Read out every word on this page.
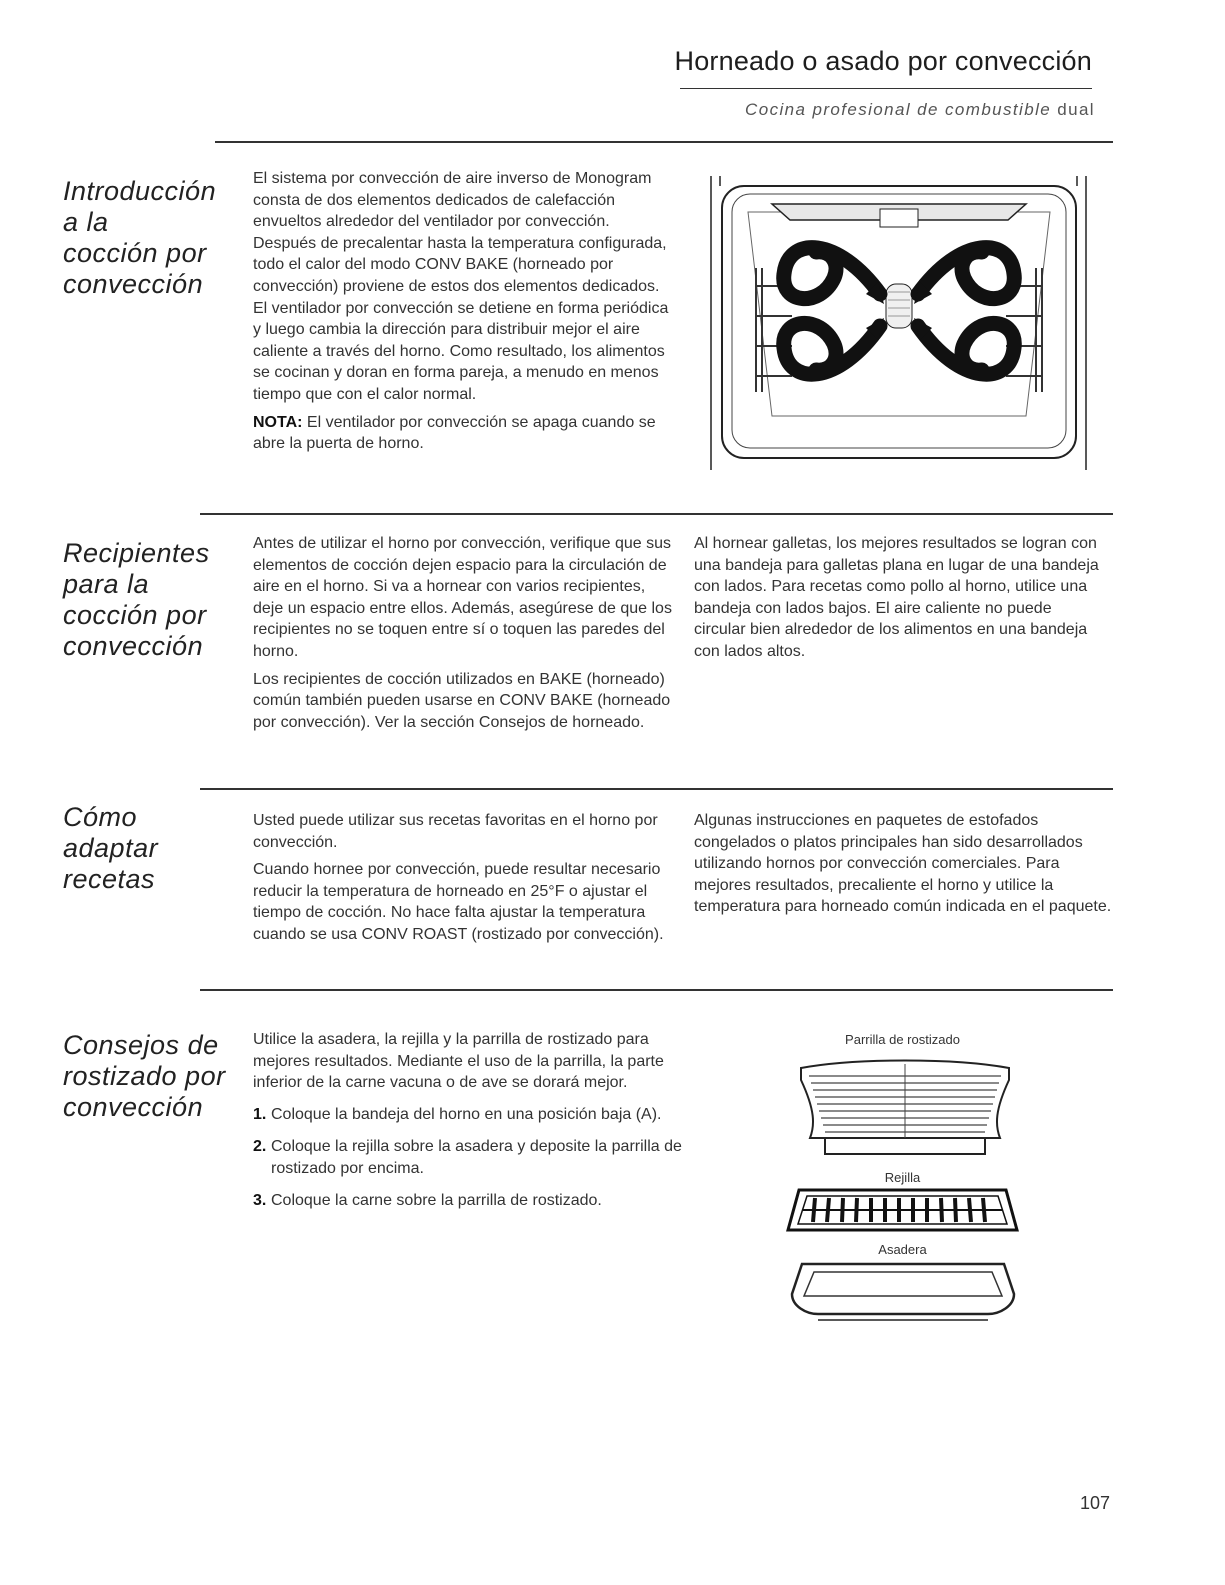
Horneado o asado por convección
Cocina profesional de combustible dual
Introducción
a la
cocción por
convección

El sistema por convección de aire inverso de Monogram consta de dos elementos dedicados de calefacción envueltos alrededor del ventilador por convección. Después de precalentar hasta la temperatura configurada, todo el calor del modo CONV BAKE (horneado por convección) proviene de estos dos elementos dedicados. El ventilador por convección se detiene en forma periódica y luego cambia la dirección para distribuir mejor el aire caliente a través del horno. Como resultado, los alimentos se cocinan y doran en forma pareja, a menudo en menos tiempo que con el calor normal.

NOTA: El ventilador por convección se apaga cuando se abre la puerta de horno.

Recipientes
para la
cocción por
convección

Antes de utilizar el horno por convección, verifique que sus elementos de cocción dejen espacio para la circulación de aire en el horno. Si va a hornear con varios recipientes, deje un espacio entre ellos. Además, asegúrese de que los recipientes no se toquen entre sí o toquen las paredes del horno.

Los recipientes de cocción utilizados en BAKE (horneado) común también pueden usarse en CONV BAKE (horneado por convección). Ver la sección Consejos de horneado.

Al hornear galletas, los mejores resultados se logran con una bandeja para galletas plana en lugar de una bandeja con lados. Para recetas como pollo al horno, utilice una bandeja con lados bajos. El aire caliente no puede circular bien alrededor de los alimentos en una bandeja con lados altos.

Cómo
adaptar
recetas

Usted puede utilizar sus recetas favoritas en el horno por convección.

Cuando hornee por convección, puede resultar necesario reducir la temperatura de horneado en 25°F o ajustar el tiempo de cocción. No hace falta ajustar la temperatura cuando se usa CONV ROAST (rostizado por convección).

Algunas instrucciones en paquetes de estofados congelados o platos principales han sido desarrollados utilizando hornos por convección comerciales. Para mejores resultados, precaliente el horno y utilice la temperatura para horneado común indicada en el paquete.

Consejos de
rostizado por
convección

Utilice la asadera, la rejilla y la parrilla de rostizado para mejores resultados. Mediante el uso de la parrilla, la parte inferior de la carne vacuna o de ave se dorará mejor.

1. Coloque la bandeja del horno en una posición baja (A).
2. Coloque la rejilla sobre la asadera y deposite la parrilla de rostizado por encima.
3. Coloque la carne sobre la parrilla de rostizado.
Parrilla de rostizado
Rejilla
Asadera
107
